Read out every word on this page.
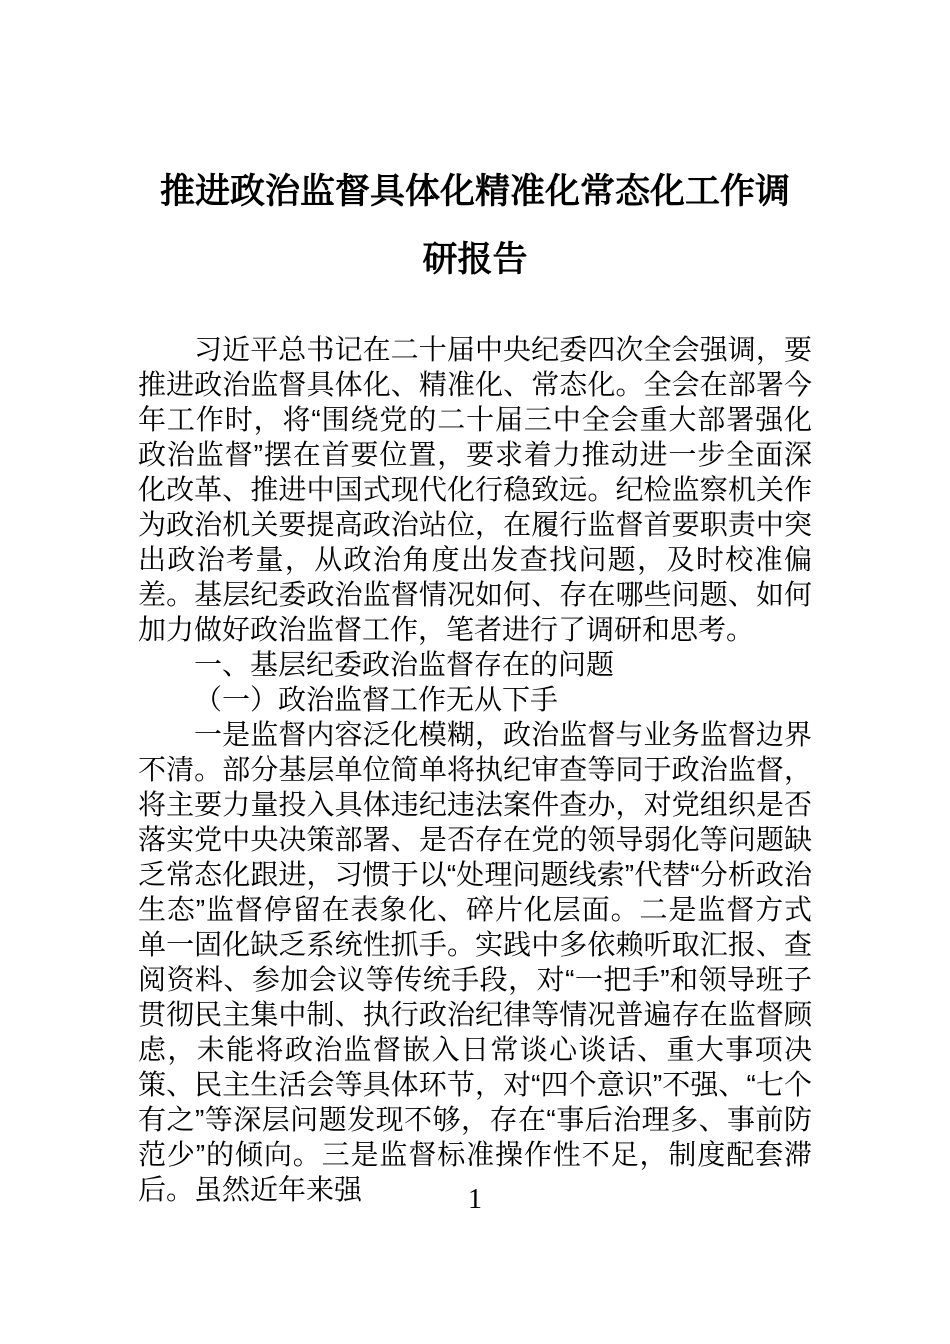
推进政治监督具体化精准化常态化工作调研报告

习近平总书记在二十届中央纪委四次全会强调，要推进政治监督具体化、精准化、常态化。全会在部署今年工作时，将“围绕党的二十届三中全会重大部署强化政治监督”摆在首要位置，要求着力推动进一步全面深化改革、推进中国式现代化行稳致远。纪检监察机关作为政治机关要提高政治站位，在履行监督首要职责中突出政治考量，从政治角度出发查找问题，及时校准偏差。基层纪委政治监督情况如何、存在哪些问题、如何加力做好政治监督工作，笔者进行了调研和思考。

一、基层纪委政治监督存在的问题

（一）政治监督工作无从下手

一是监督内容泛化模糊，政治监督与业务监督边界不清。部分基层单位简单将执纪审查等同于政治监督，将主要力量投入具体违纪违法案件查办，对党组织是否落实党中央决策部署、是否存在党的领导弱化等问题缺乏常态化跟进，习惯于以“处理问题线索”代替“分析政治生态”监督停留在表象化、碎片化层面。二是监督方式单一固化缺乏系统性抓手。实践中多依赖听取汇报、查阅资料、参加会议等传统手段，对“一把手”和领导班子贯彻民主集中制、执行政治纪律等情况普遍存在监督顾虑，未能将政治监督嵌入日常谈心谈话、重大事项决策、民主生活会等具体环节，对“四个意识”不强、“七个有之”等深层问题发现不够，存在“事后治理多、事前防范少”的倾向。三是监督标准操作性不足，制度配套滞后。虽然近年来强	1
